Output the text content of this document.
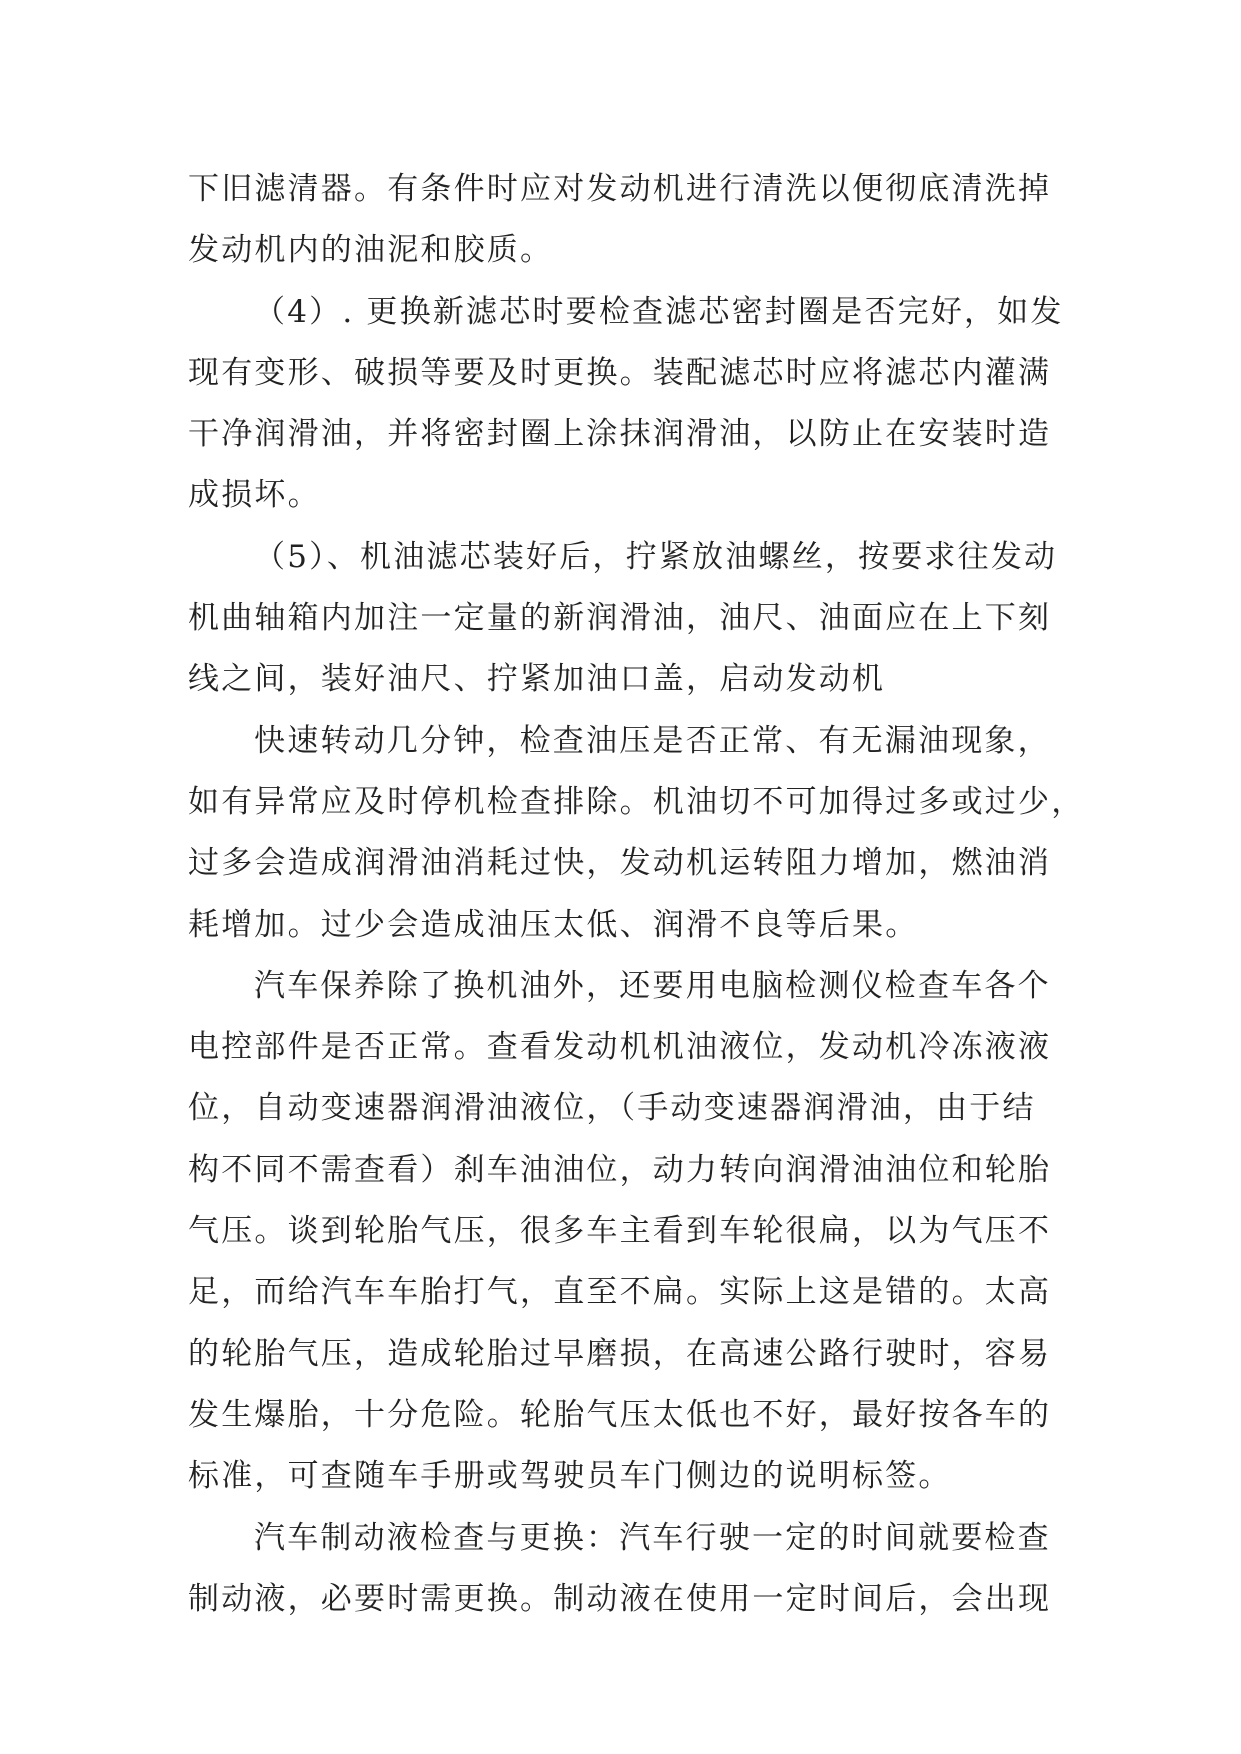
下旧滤清器。有条件时应对发动机进行清洗以便彻底清洗掉
发动机内的油泥和胶质。
（4）. 更换新滤芯时要检查滤芯密封圈是否完好，如发
现有变形、破损等要及时更换。装配滤芯时应将滤芯内灌满
干净润滑油，并将密封圈上涂抹润滑油，以防止在安装时造
成损坏。
（5）、机油滤芯装好后，拧紧放油螺丝，按要求往发动
机曲轴箱内加注一定量的新润滑油，油尺、油面应在上下刻
线之间，装好油尺、拧紧加油口盖，启动发动机
快速转动几分钟，检查油压是否正常、有无漏油现象，
如有异常应及时停机检查排除。机油切不可加得过多或过少，
过多会造成润滑油消耗过快，发动机运转阻力增加，燃油消
耗增加。过少会造成油压太低、润滑不良等后果。
汽车保养除了换机油外，还要用电脑检测仪检查车各个
电控部件是否正常。查看发动机机油液位，发动机冷冻液液
位，自动变速器润滑油液位，（手动变速器润滑油，由于结
构不同不需查看）刹车油油位，动力转向润滑油油位和轮胎
气压。谈到轮胎气压，很多车主看到车轮很扁，以为气压不
足，而给汽车车胎打气，直至不扁。实际上这是错的。太高
的轮胎气压，造成轮胎过早磨损，在高速公路行驶时，容易
发生爆胎，十分危险。轮胎气压太低也不好，最好按各车的
标准，可查随车手册或驾驶员车门侧边的说明标签。
汽车制动液检查与更换：汽车行驶一定的时间就要检查
制动液，必要时需更换。制动液在使用一定时间后，会出现
